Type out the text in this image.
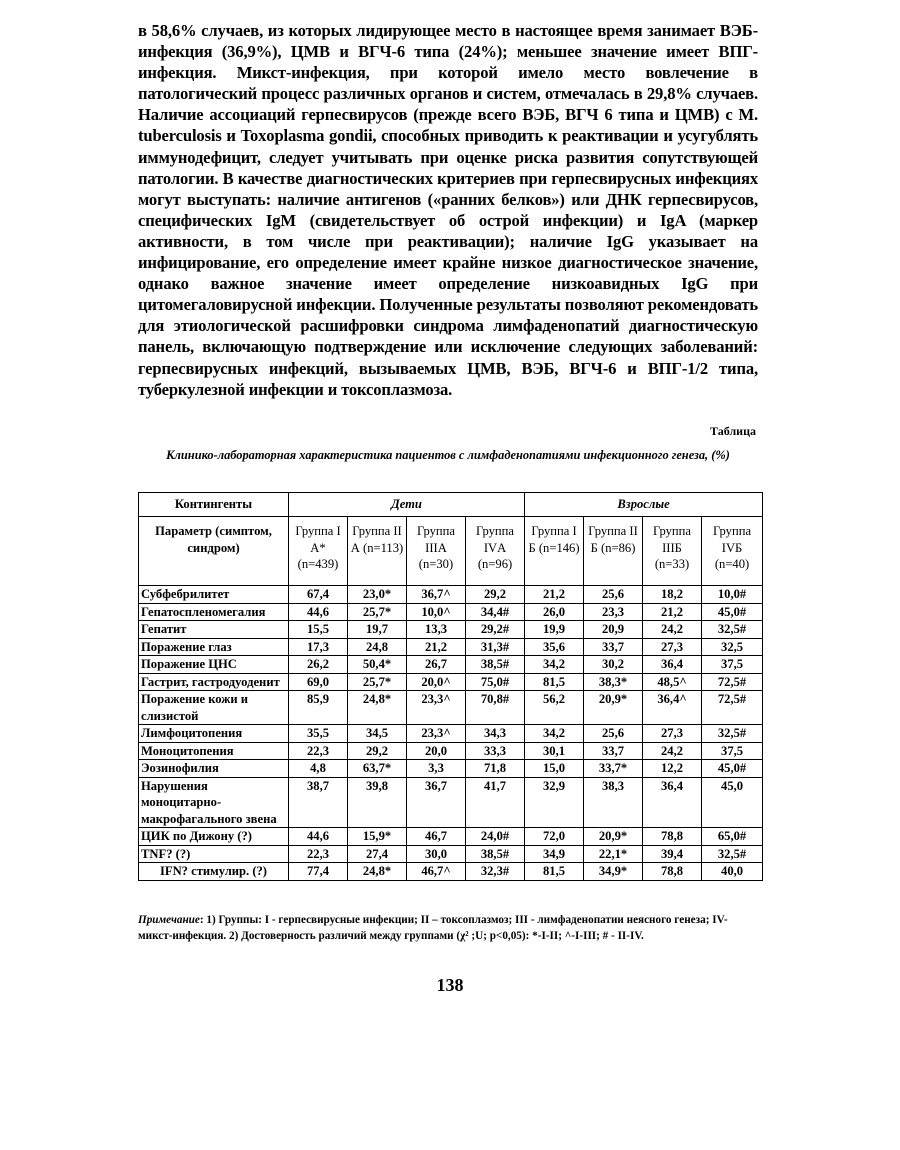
в 58,6% случаев, из которых лидирующее место в настоящее время занимает ВЭБ-инфекция (36,9%), ЦМВ и ВГЧ-6 типа (24%); меньшее значение имеет ВПГ-инфекция. Микст-инфекция, при которой имело место вовлечение в патологический процесс различных органов и систем, отмечалась в 29,8% случаев. Наличие ассоциаций герпесвирусов (прежде всего ВЭБ, ВГЧ 6 типа и ЦМВ) с M. tuberculosis и Toxoplasma gondii, способных приводить к реактивации и усугублять иммунодефицит, следует учитывать при оценке риска развития сопутствующей патологии. В качестве диагностических критериев при герпесвирусных инфекциях могут выступать: наличие антигенов («ранних белков») или ДНК герпесвирусов, специфических IgM (свидетельствует об острой инфекции) и IgA (маркер активности, в том числе при реактивации); наличие IgG указывает на инфицирование, его определение имеет крайне низкое диагностическое значение, однако важное значение имеет определение низкоавидных IgG при цитомегаловирусной инфекции. Полученные результаты позволяют рекомендовать для этиологической расшифровки синдрома лимфаденопатий диагностическую панель, включающую подтверждение или исключение следующих заболеваний: герпесвирусных инфекций, вызываемых ЦМВ, ВЭБ, ВГЧ-6 и ВПГ-1/2 типа, туберкулезной инфекции и токсоплазмоза.

Таблица
Клинико-лабораторная характеристика пациентов с лимфаденопатиями инфекционного генеза, (%)
Контингенты	Дети				Взрослые			
Параметр (симптом, синдром)	Группа I А* (n=439)	Группа II А (n=113)	Группа IIIА (n=30)	Группа IVА (n=96)	Группа I Б (n=146)	Группа II Б (n=86)	Группа IIIБ (n=33)	Группа IVБ (n=40)
Субфебрилитет	67,4	23,0*	36,7^	29,2	21,2	25,6	18,2	10,0#
Гепатоспленомегалия	44,6	25,7*	10,0^	34,4#	26,0	23,3	21,2	45,0#
Гепатит	15,5	19,7	13,3	29,2#	19,9	20,9	24,2	32,5#
Поражение глаз	17,3	24,8	21,2	31,3#	35,6	33,7	27,3	32,5
Поражение ЦНС	26,2	50,4*	26,7	38,5#	34,2	30,2	36,4	37,5
Гастрит, гастродуоденит	69,0	25,7*	20,0^	75,0#	81,5	38,3*	48,5^	72,5#
Поражение кожи и слизистой	85,9	24,8*	23,3^	70,8#	56,2	20,9*	36,4^	72,5#
Лимфоцитопения	35,5	34,5	23,3^	34,3	34,2	25,6	27,3	32,5#
Моноцитопения	22,3	29,2	20,0	33,3	30,1	33,7	24,2	37,5
Эозинофилия	4,8	63,7*	3,3	71,8	15,0	33,7*	12,2	45,0#
Нарушения моноцитарно-макрофагального звена	38,7	39,8	36,7	41,7	32,9	38,3	36,4	45,0
ЦИК по Дижону (?)	44,6	15,9*	46,7	24,0#	72,0	20,9*	78,8	65,0#
TNF? (?)	22,3	27,4	30,0	38,5#	34,9	22,1*	39,4	32,5#
IFN? стимулир. (?)	77,4	24,8*	46,7^	32,3#	81,5	34,9*	78,8	40,0
Примечание: 1) Группы: I - герпесвирусные инфекции; II – токсоплазмоз; III - лимфаденопатии неясного генеза; IV- микст-инфекция. 2) Достоверность различий между группами (χ² ;U; p<0,05): *-I-II; ^-I-III; # - II-IV.
138
